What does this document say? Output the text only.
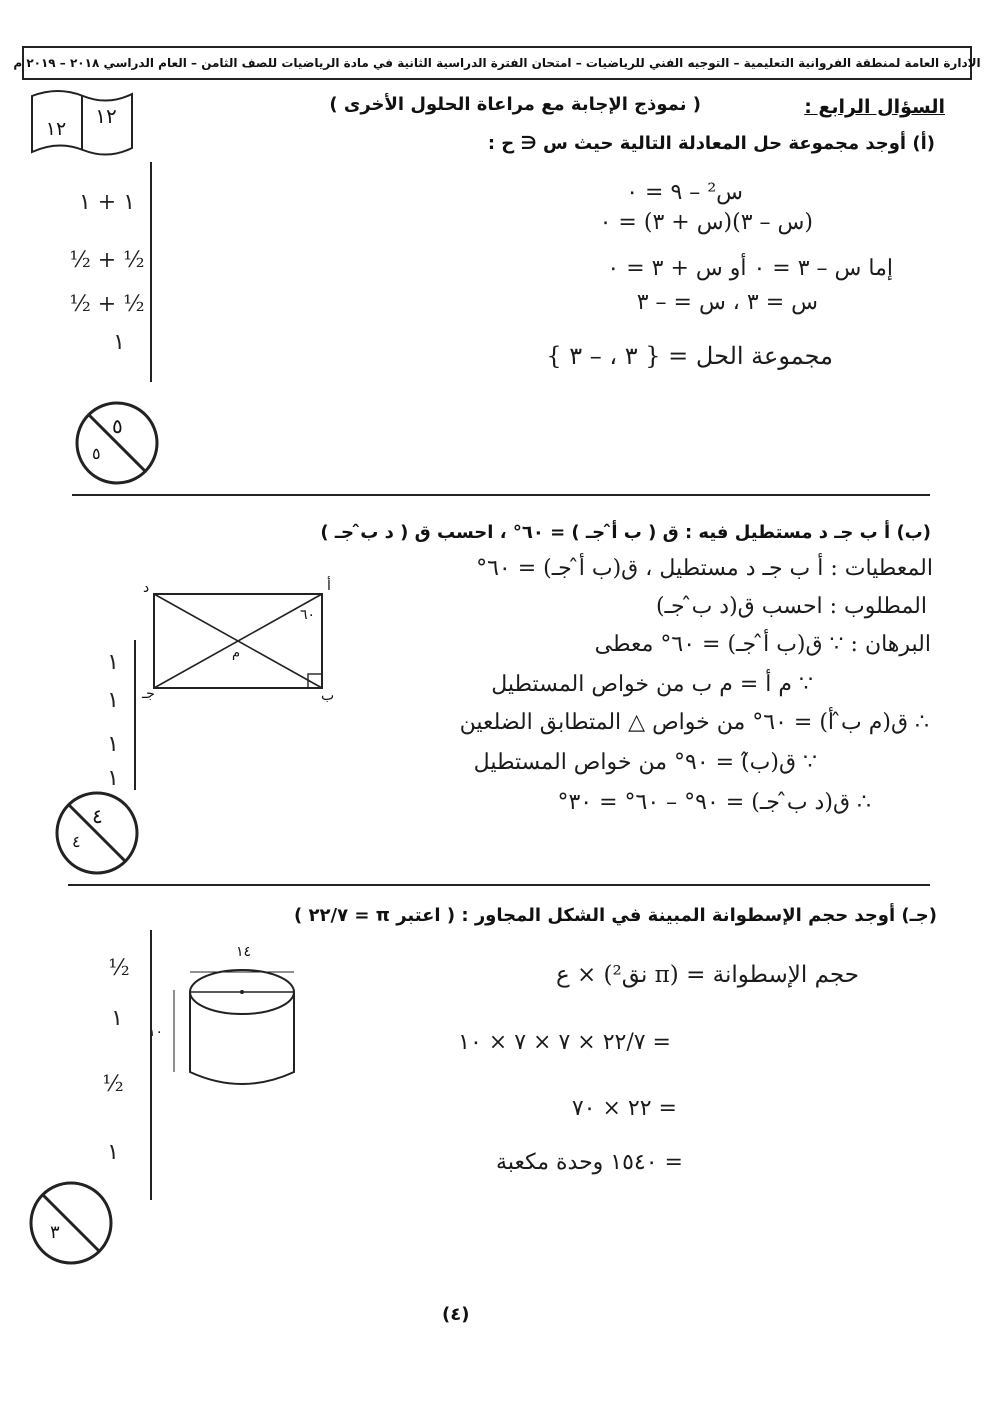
الادارة العامة لمنطقة الفروانية التعليمية – التوجيه الفني للرياضيات – امتحان الفترة الدراسية الثانية في مادة الرياضيات للصف الثامن – العام الدراسي ٢٠١٨ – ٢٠١٩ م
١٢
١٢	السؤال الرابع :
( نموذج الإجابة مع مراعاة الحلول الأخرى )
(أ) أوجد مجموعة حل المعادلة التالية حيث س ∈ ح :
١ + ١
½ + ½
½ + ½
١
س² – ٩ = ٠
(س – ٣)(س + ٣) = ٠
إما س – ٣ = ٠ أو س + ٣ = ٠
س = ٣ ، س = – ٣
مجموعة الحل = { ٣ ، – ٣ }
٥
٥
(ب) أ ب جـ د مستطيل فيه : ق ( ب أ̂ جـ ) = ٦٠° ، احسب ق ( د ب̂ جـ )
أ
د
ب
جـ
م
٦٠
١
١
١
١
المعطيات : أ ب جـ د مستطيل ، ق(ب أ̂ جـ) = ٦٠°
المطلوب : احسب ق(د ب̂ جـ)
البرهان : ∵ ق(ب أ̂ جـ) = ٦٠° معطى
∵ م أ = م ب من خواص المستطيل
∴ ق(م ب̂ أ) = ٦٠° من خواص △ المتطابق الضلعين
∵ ق(ب̂) = ٩٠° من خواص المستطيل
∴ ق(د ب̂ جـ) = ٩٠° – ٦٠° = ٣٠°
٤
٤
(جـ) أوجد حجم الإسطوانة المبينة في الشكل المجاور : ( اعتبر π = ٢٢/٧ )
١٤
١٠
½
١
½
١
حجم الإسطوانة = (π نق²) × ع
= ٢٢/٧ × ٧ × ٧ × ١٠
= ٢٢ × ٧٠
= ١٥٤٠ وحدة مكعبة
٣
(٤)
